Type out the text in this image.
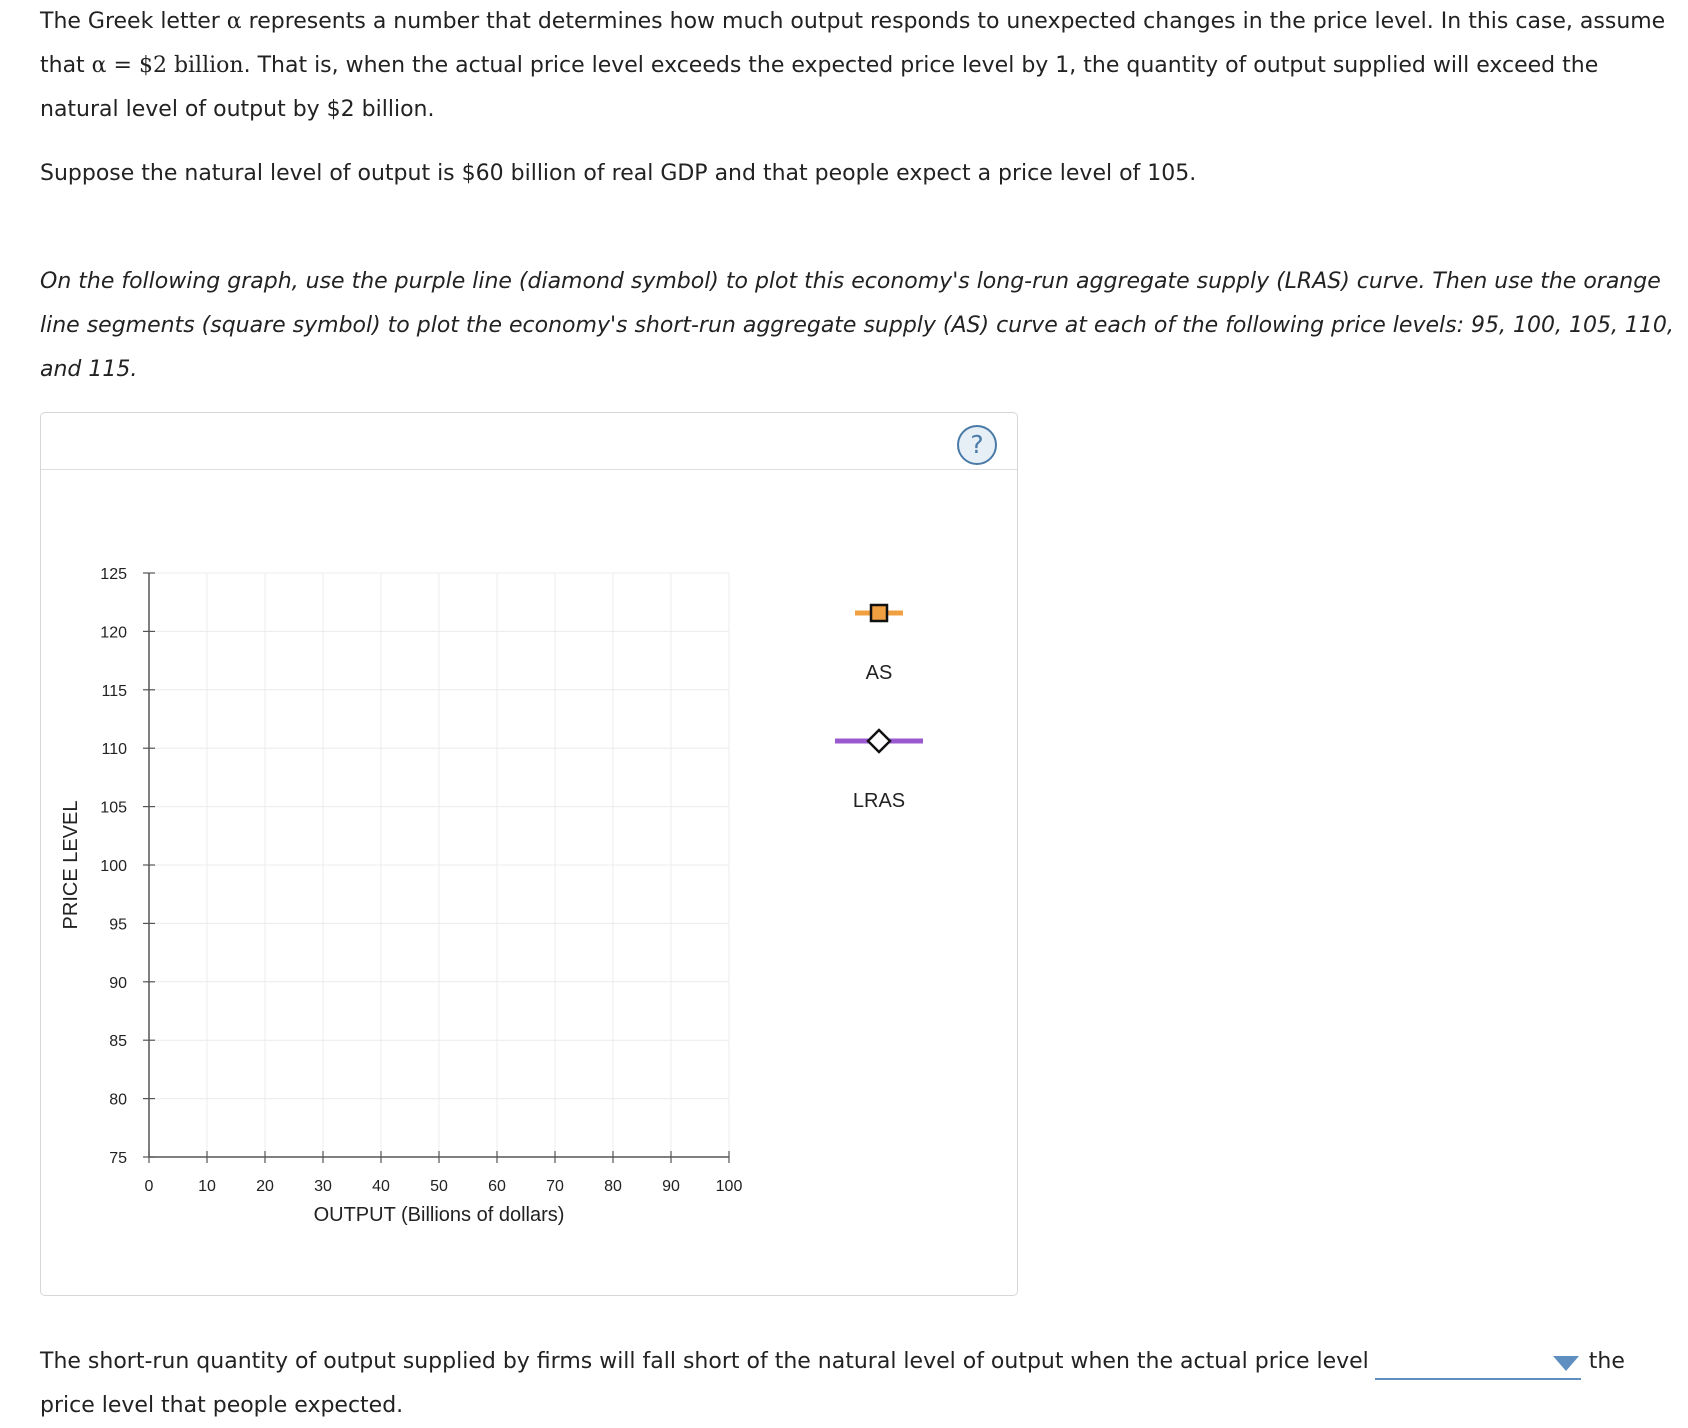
The Greek letter α represents a number that determines how much output responds to unexpected changes in the price level. In this case, assume that α = $2 billion. That is, when the actual price level exceeds the expected price level by 1, the quantity of output supplied will exceed the natural level of output by $2 billion.

Suppose the natural level of output is $60 billion of real GDP and that people expect a price level of 105.

On the following graph, use the purple line (diamond symbol) to plot this economy's long-run aggregate supply (LRAS) curve. Then use the orange line segments (square symbol) to plot the economy's short-run aggregate supply (AS) curve at each of the following price levels: 95, 100, 105, 110, and 115.

?
75
80
85
90
95
100
105
110
115
120
125
0	10	20	30	40	50	60	70	80	90 100
OUTPUT (Billions of dollars)
PRICE LEVEL
AS
LRAS

The short-run quantity of output supplied by firms will fall short of the natural level of output when the actual price level	the price level that people expected.
